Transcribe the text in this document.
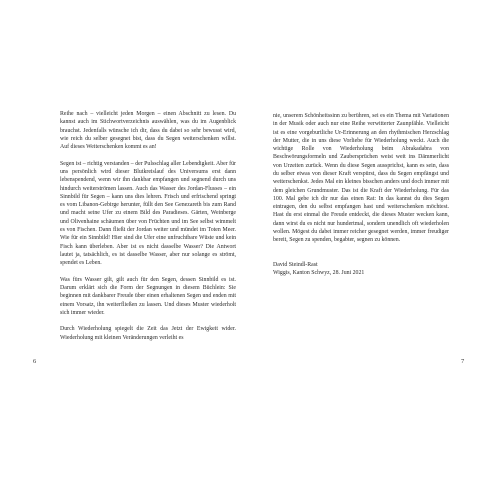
Reihe nach – vielleicht jeden Morgen – einen Abschnitt zu lesen. Du kannst auch im Stichwortverzeichnis auswählen, was du im Augenblick brauchst. Jedenfalls wünsche ich dir, dass du dabei so sehr bewusst wird, wie reich du selber gesegnet bist, dass du Segen weiterschenken willst. Auf dieses Weiterschenken kommt es an!

Segen ist – richtig verstanden – der Pulsschlag aller Lebendigkeit. Aber für uns persönlich wird dieser Blutkreislauf des Universums erst dann lebenspendend, wenn wir ihn dankbar empfangen und segnend durch uns hindurch weiterströmen lassen. Auch das Wasser des Jordan-Flusses – ein Sinnbild für Segen – kann uns dies lehren. Frisch und erfrischend springt es vom Libanon-Gebirge herunter, füllt den See Genezareth bis zum Rand und macht seine Ufer zu einem Bild des Paradieses. Gärten, Weinberge und Olivenhaine schäumen über von Früchten und im See selbst wimmelt es von Fischen. Dann fließt der Jordan weiter und mündet im Toten Meer. Wie für ein Sinnbild! Hier sind die Ufer eine unfruchtbare Wüste und kein Fisch kann überleben. Aber ist es nicht dasselbe Wasser? Die Antwort lautet ja, tatsächlich, es ist dasselbe Wasser, aber nur solange es strömt, spendet es Leben.

Was fürs Wasser gilt, gilt auch für den Segen, dessen Sinnbild es ist. Darum erklärt sich die Form der Segnungen in diesem Büchlein: Sie beginnen mit dankbarer Freude über einen erhaltenen Segen und enden mit einem Vorsatz, ihn weiterfließen zu lassen. Und dieses Muster wiederholt sich immer wieder.

Durch Wiederholung spiegelt die Zeit das Jetzt der Ewigkeit wider. Wiederholung mit kleinen Veränderungen verleiht es

6

nie, unserem Schönheitssinn zu berühren, sei es ein Thema mit Variationen in der Musik oder auch nur eine Reihe verwitterter Zaunpfähle. Vielleicht ist es eine vorgeburtliche Ur-Erinnerung an den rhythmischen Herzschlag der Mutter, die in uns diese Vorliebe für Wiederholung weckt. Auch die wichtige Rolle von Wiederholung beim Abrakadabra von Beschwörungsformeln und Zaubersprüchen weist weit ins Dämmerlicht von Urzeiten zurück. Wenn du diese Segen aussprichst, kann es sein, dass du selber etwas von dieser Kraft verspürst, dass du Segen empfängst und weiterschenkst. Jedes Mal ein kleines bisschen anders und doch immer mit dem gleichen Grundmuster. Das ist die Kraft der Wiederholung. Für das 100. Mal gebe ich dir nur das einen Rat: In das kannst du dies Segen eintragen, den du selbst empfangen hast und weiterschenken möchtest. Hast du erst einmal die Freude entdeckt, die dieses Muster wecken kann, dann wirst du es nicht nur hundertmal, sondern unendlich oft wiederholen wollen. Mögest du dabei immer reicher gesegnet werden, immer freudiger bereit, Segen zu spenden, begabter, segnen zu können.

David Steindl-Rast
Wiggis, Kanton Schwyz, 28. Juni 2021
7
